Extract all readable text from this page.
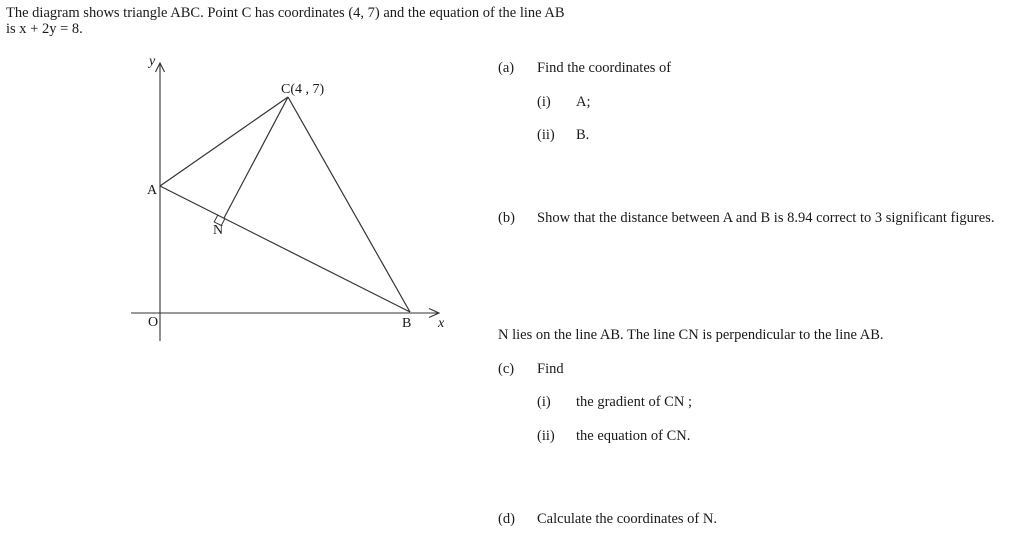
The diagram shows triangle ABC. Point C has coordinates (4, 7) and the equation of the line AB
is x + 2y = 8.
y
x
O
A
B
C(4 , 7)
N
(a) Find the coordinates of
(i) A;
(ii) B.
(b) Show that the distance between A and B is 8.94 correct to 3 significant figures.
N lies on the line AB. The line CN is perpendicular to the line AB.
(c) Find
(i) the gradient of CN ;
(ii) the equation of CN.
(d) Calculate the coordinates of N.
